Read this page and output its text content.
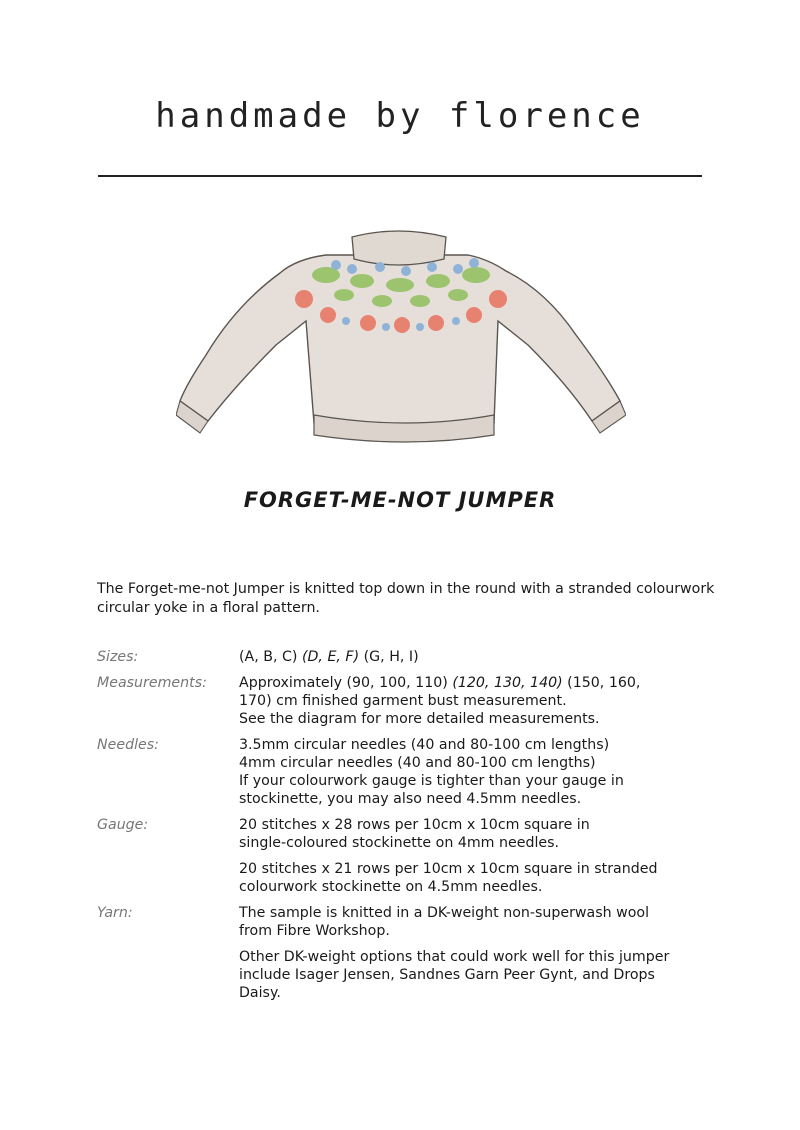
handmade by florence
FORGET-ME-NOT JUMPER
The Forget-me-not Jumper is knitted top down in the round with a stranded colourwork circular yoke in a floral pattern.
Sizes:	(A, B, C) (D, E, F) (G, H, I)

Measurements:	Approximately (90, 100, 110) (120, 130, 140) (150, 160,

170) cm finished garment bust measurement.

See the diagram for more detailed measurements.

Needles:	3.5mm circular needles (40 and 80-100 cm lengths)

4mm circular needles (40 and 80-100 cm lengths)

If your colourwork gauge is tighter than your gauge in

stockinette, you may also need 4.5mm needles.

Gauge:	20 stitches x 28 rows per 10cm x 10cm square in

single-coloured stockinette on 4mm needles.

20 stitches x 21 rows per 10cm x 10cm square in stranded

colourwork stockinette on 4.5mm needles.

Yarn:	The sample is knitted in a DK-weight non-superwash wool

from Fibre Workshop.

Other DK-weight options that could work well for this jumper

include Isager Jensen, Sandnes Garn Peer Gynt, and Drops

Daisy.
